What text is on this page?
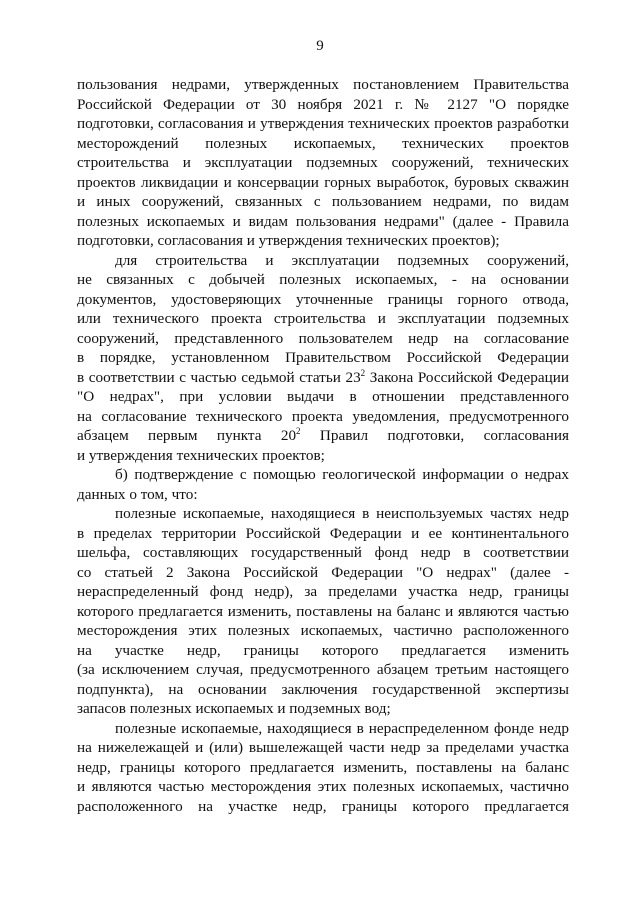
9
пользования недрами, утвержденных постановлением Правительства
Российской Федерации от 30 ноября 2021 г. № 2127 "О порядке
подготовки, согласования и утверждения технических проектов разработки
месторождений полезных ископаемых, технических проектов
строительства и эксплуатации подземных сооружений, технических
проектов ликвидации и консервации горных выработок, буровых скважин
и иных сооружений, связанных с пользованием недрами, по видам
полезных ископаемых и видам пользования недрами" (далее - Правила
подготовки, согласования и утверждения технических проектов);
для строительства и эксплуатации подземных сооружений,
не связанных с добычей полезных ископаемых, - на основании
документов, удостоверяющих уточненные границы горного отвода,
или технического проекта строительства и эксплуатации подземных
сооружений, представленного пользователем недр на согласование
в порядке, установленном Правительством Российской Федерации
в соответствии с частью седьмой статьи $23^2$ Закона Российской Федерации
"О недрах", при условии выдачи в отношении представленного
на согласование технического проекта уведомления, предусмотренного
абзацем первым пункта $20^2$ Правил подготовки, согласования
и утверждения технических проектов;
б) подтверждение с помощью геологической информации о недрах
данных о том, что:
полезные ископаемые, находящиеся в неиспользуемых частях недр
в пределах территории Российской Федерации и ее континентального
шельфа, составляющих государственный фонд недр в соответствии
со статьей 2 Закона Российской Федерации "О недрах" (далее -
нераспределенный фонд недр), за пределами участка недр, границы
которого предлагается изменить, поставлены на баланс и являются частью
месторождения этих полезных ископаемых, частично расположенного
на участке недр, границы которого предлагается изменить
(за исключением случая, предусмотренного абзацем третьим настоящего
подпункта), на основании заключения государственной экспертизы
запасов полезных ископаемых и подземных вод;
полезные ископаемые, находящиеся в нераспределенном фонде недр
на нижележащей и (или) вышележащей части недр за пределами участка
недр, границы которого предлагается изменить, поставлены на баланс
и являются частью месторождения этих полезных ископаемых, частично
расположенного на участке недр, границы которого предлагается
